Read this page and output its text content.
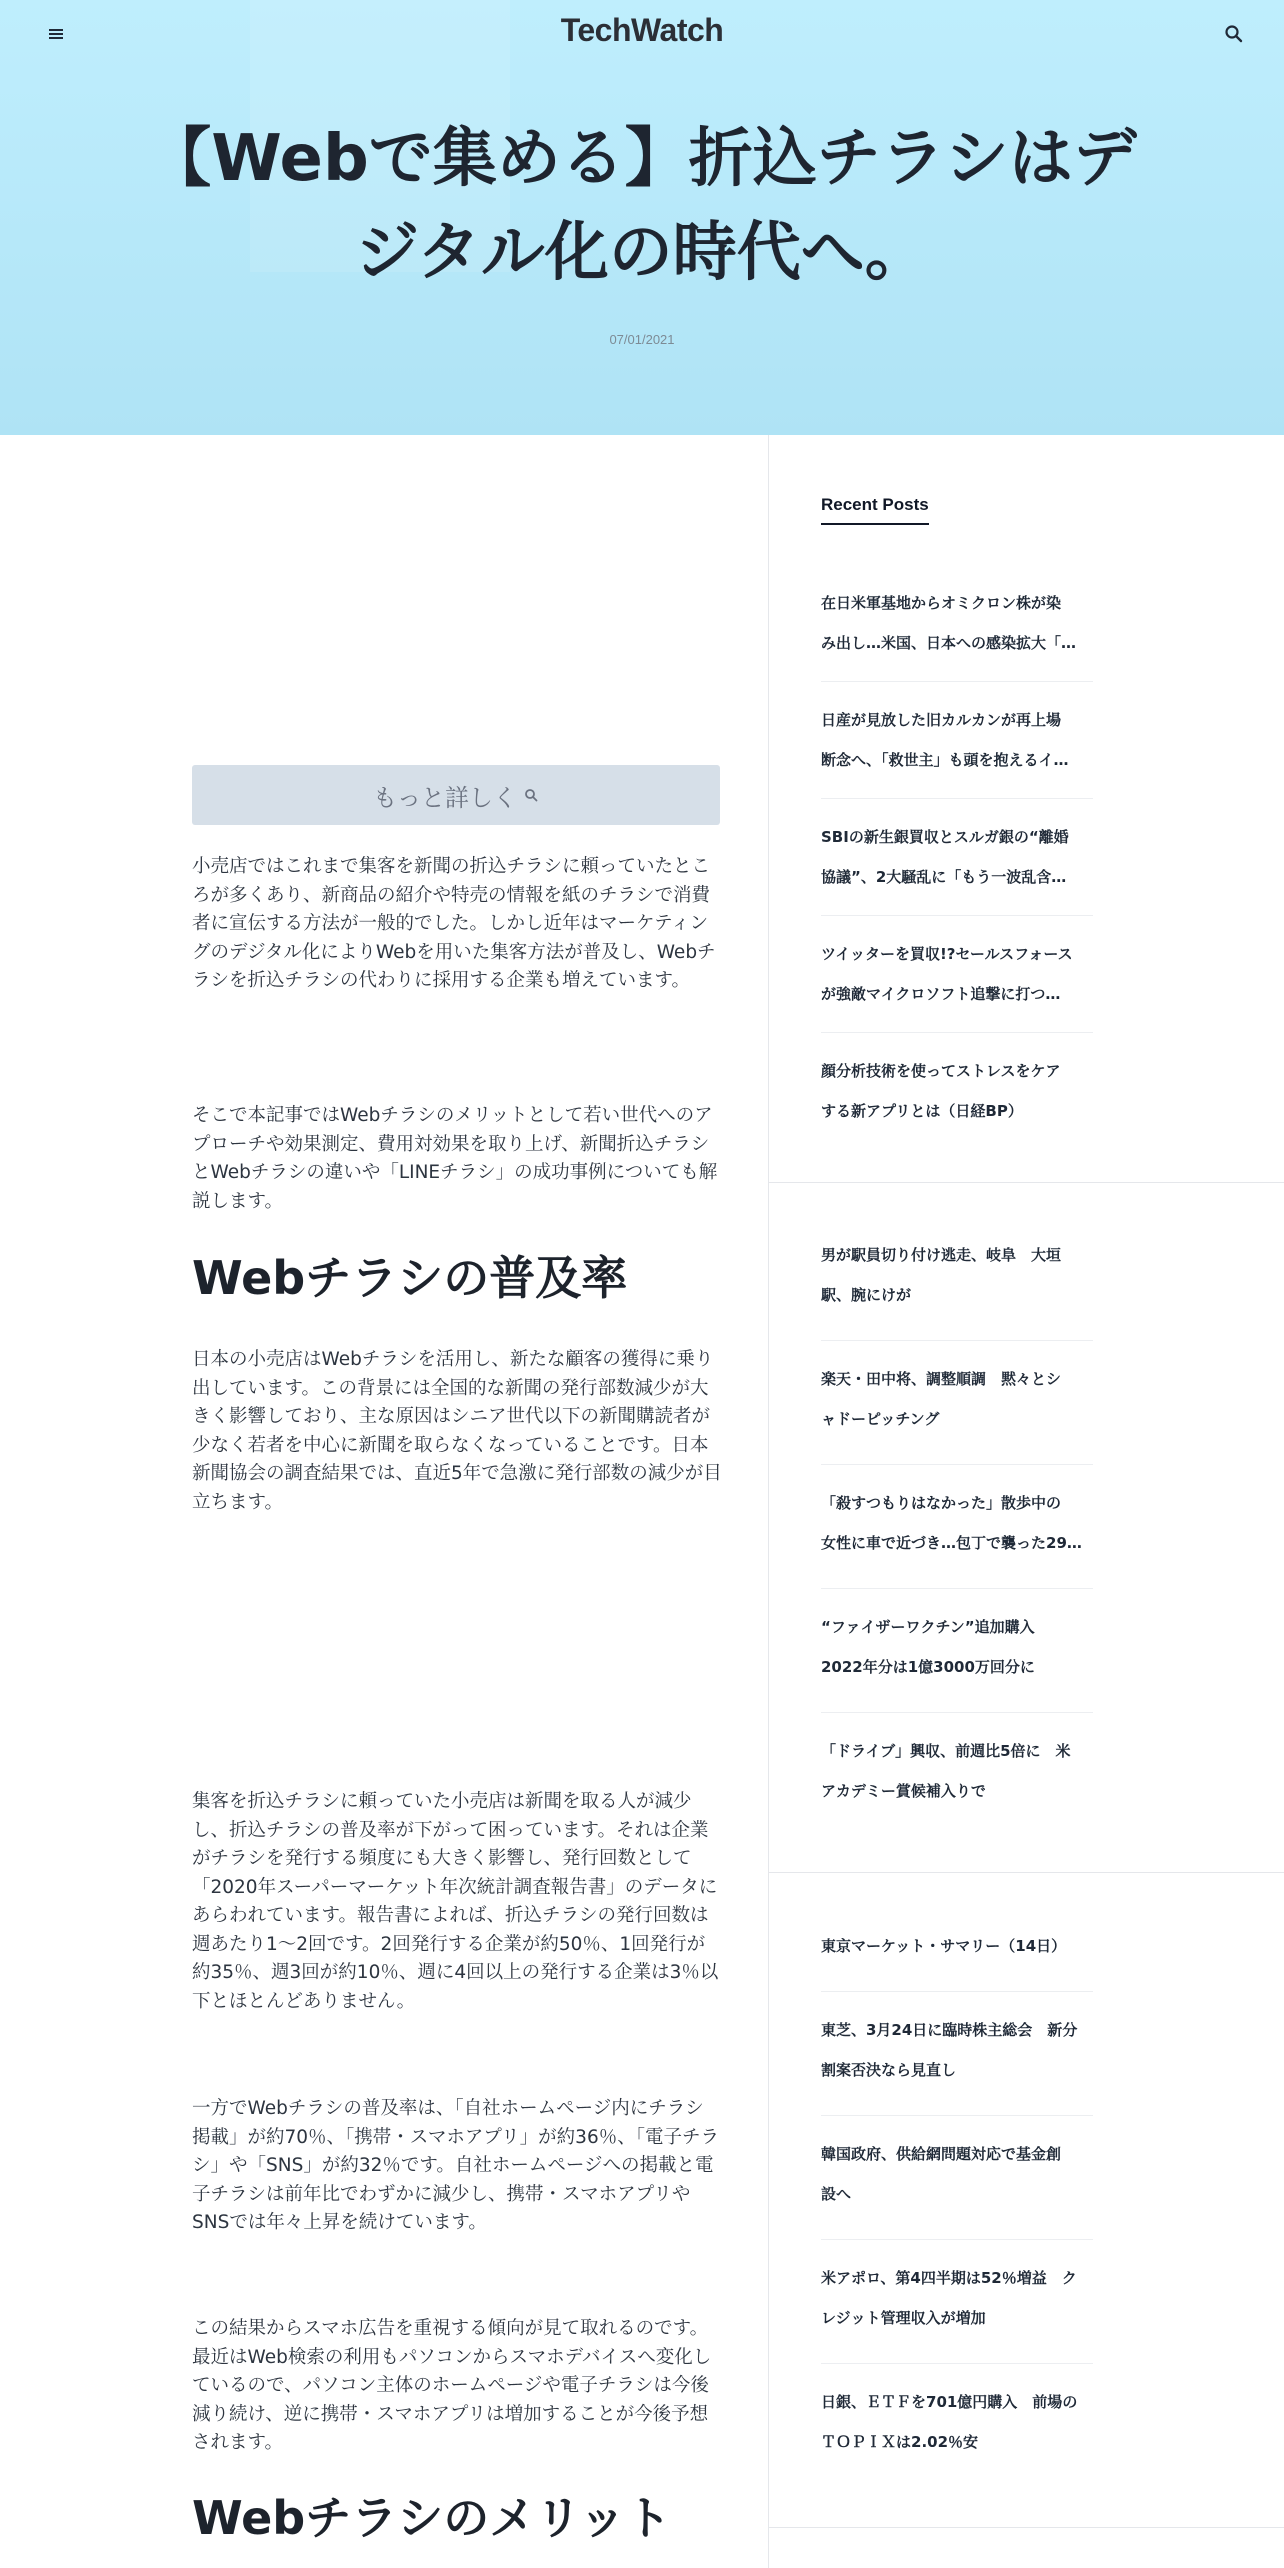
TechWatch
【Webで集める】折込チラシはデジタル化の時代へ。
07/01/2021
もっと詳しく

小売店ではこれまで集客を新聞の折込チラシに頼っていたところが多くあり、新商品の紹介や特売の情報を紙のチラシで消費者に宣伝する方法が一般的でした。しかし近年はマーケティングのデジタル化によりWebを用いた集客方法が普及し、Webチラシを折込チラシの代わりに採用する企業も増えています。

そこで本記事ではWebチラシのメリットとして若い世代へのアプローチや効果測定、費用対効果を取り上げ、新聞折込チラシとWebチラシの違いや「LINEチラシ」の成功事例についても解説します。

Webチラシの普及率

日本の小売店はWebチラシを活用し、新たな顧客の獲得に乗り出しています。この背景には全国的な新聞の発行部数減少が大きく影響しており、主な原因はシニア世代以下の新聞購読者が少なく若者を中心に新聞を取らなくなっていることです。日本新聞協会の調査結果では、直近5年で急激に発行部数の減少が目立ちます。

集客を折込チラシに頼っていた小売店は新聞を取る人が減少し、折込チラシの普及率が下がって困っています。それは企業がチラシを発行する頻度にも大きく影響し、発行回数として「2020年スーパーマーケット年次統計調査報告書」のデータにあらわれています。報告書によれば、折込チラシの発行回数は週あたり1～2回です。2回発行する企業が約50％、1回発行が約35％、週3回が約10％、週に4回以上の発行する企業は3％以下とほとんどありません。

一方でWebチラシの普及率は、「自社ホームページ内にチラシ掲載」が約70％、「携帯・スマホアプリ」が約36％、「電子チラシ」や「SNS」が約32％です。自社ホームページへの掲載と電子チラシは前年比でわずかに減少し、携帯・スマホアプリやSNSでは年々上昇を続けています。

この結果からスマホ広告を重視する傾向が見て取れるのです。最近はWeb検索の利用もパソコンからスマホデバイスへ変化しているので、パソコン主体のホームページや電子チラシは今後減り続け、逆に携帯・スマホアプリは増加することが今後予想されます。

Webチラシのメリット
Recent Posts
在日米軍基地からオミクロン株が染
み出し…米国、日本への感染拡大「…
日産が見放した旧カルカンが再上場
断念へ、「救世主」も頭を抱えるイ…
SBIの新生銀買収とスルガ銀の“離婚
協議”、2大騒乱に「もう一波乱含…
ツイッターを買収!?セールスフォース
が強敵マイクロソフト追撃に打つ…
顔分析技術を使ってストレスをケア
する新アプリとは（日経BP）
男が駅員切り付け逃走、岐阜　大垣
駅、腕にけが
楽天・田中将、調整順調　黙々とシ
ャドーピッチング
「殺すつもりはなかった」散歩中の
女性に車で近づき…包丁で襲った29…
“ファイザーワクチン”追加購入
2022年分は1億3000万回分に
「ドライブ」興収、前週比5倍に　米
アカデミー賞候補入りで
東京マーケット・サマリー（14日）
東芝、3月24日に臨時株主総会　新分
割案否決なら見直し
韓国政府、供給網問題対応で基金創
設へ
米アポロ、第4四半期は52％増益　ク
レジット管理収入が増加
日銀、ＥＴＦを701億円購入　前場の
ＴＯＰＩＸは2.02％安
